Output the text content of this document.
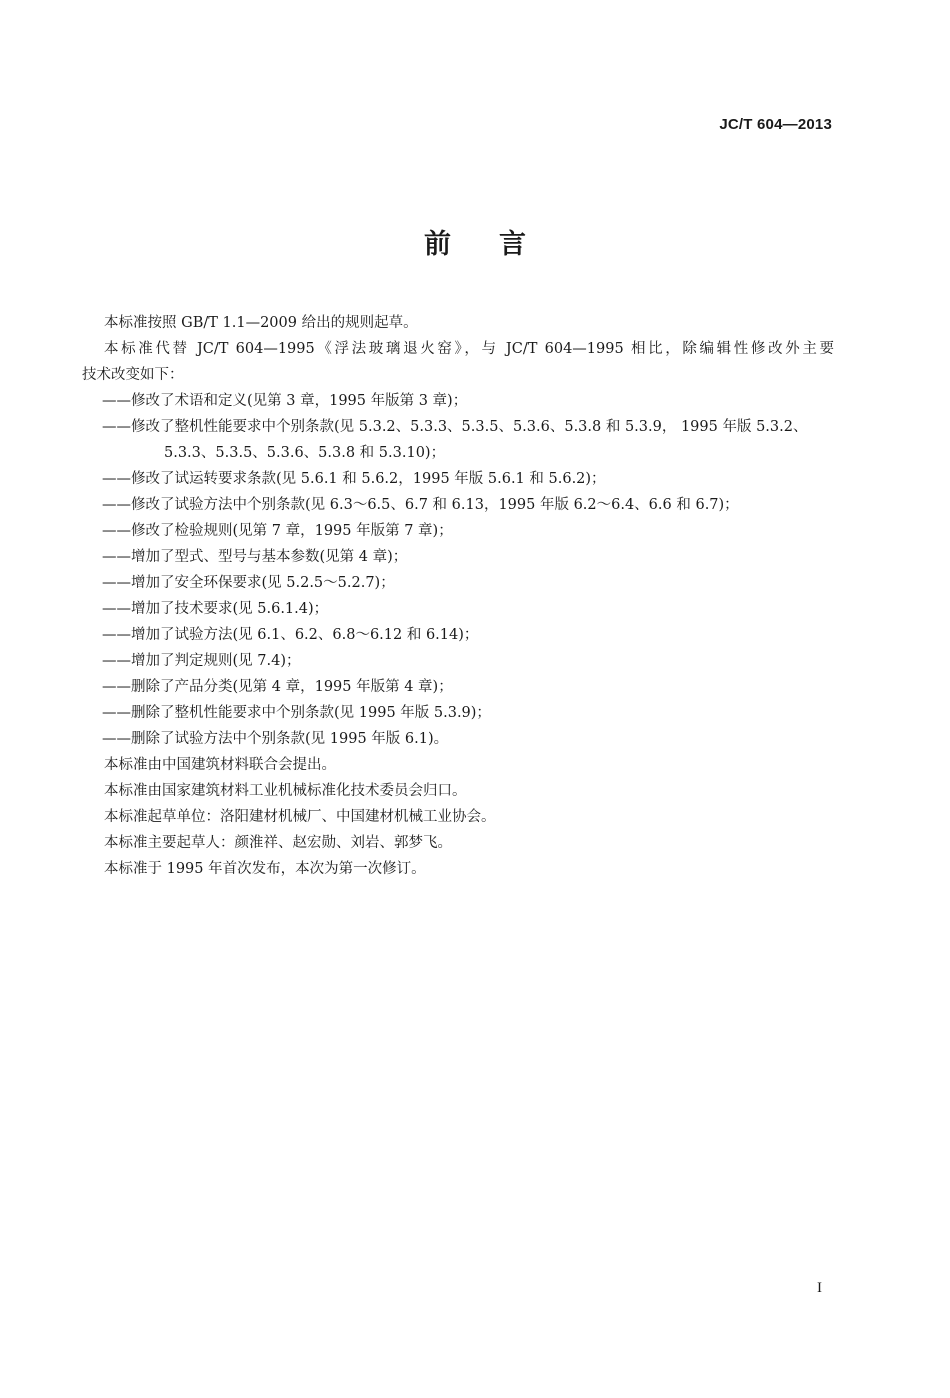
JC/T 604—2013
前言

本标准按照 GB/T 1.1—2009 给出的规则起草。

本标准代替 JC/T 604—1995《浮法玻璃退火窑》，与 JC/T 604—1995 相比，除编辑性修改外主要

技术改变如下：

——修改了术语和定义(见第 3 章，1995 年版第 3 章)；

——修改了整机性能要求中个别条款(见 5.3.2、5.3.3、5.3.5、5.3.6、5.3.8 和 5.3.9， 1995 年版 5.3.2、5.3.3、5.3.5、5.3.6、5.3.8 和 5.3.10)；

——修改了试运转要求条款(见 5.6.1 和 5.6.2，1995 年版 5.6.1 和 5.6.2)；

——修改了试验方法中个别条款(见 6.3～6.5、6.7 和 6.13，1995 年版 6.2～6.4、6.6 和 6.7)；

——修改了检验规则(见第 7 章，1995 年版第 7 章)；

——增加了型式、型号与基本参数(见第 4 章)；

——增加了安全环保要求(见 5.2.5～5.2.7)；

——增加了技术要求(见 5.6.1.4)；

——增加了试验方法(见 6.1、6.2、6.8～6.12 和 6.14)；

——增加了判定规则(见 7.4)；

——删除了产品分类(见第 4 章，1995 年版第 4 章)；

——删除了整机性能要求中个别条款(见 1995 年版 5.3.9)；

——删除了试验方法中个别条款(见 1995 年版 6.1)。

本标准由中国建筑材料联合会提出。

本标准由国家建筑材料工业机械标准化技术委员会归口。

本标准起草单位：洛阳建材机械厂、中国建材机械工业协会。

本标准主要起草人：颜淮祥、赵宏勋、刘岩、郭梦飞。

本标准于 1995 年首次发布，本次为第一次修订。

I
